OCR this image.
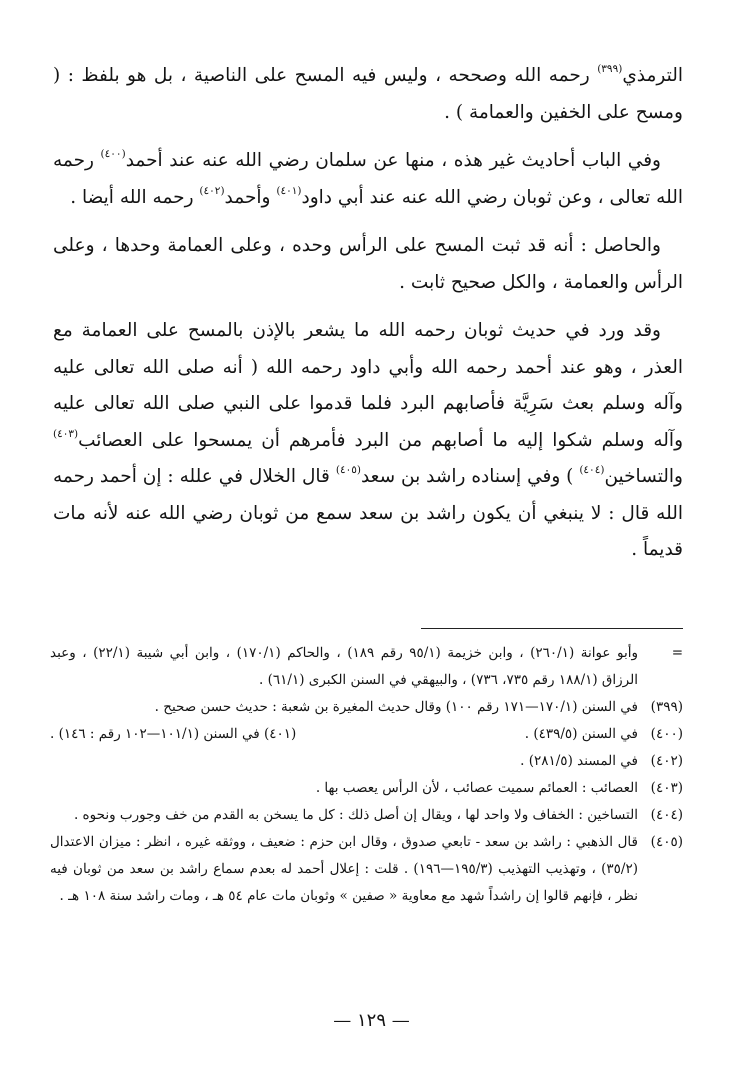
الترمذي$^{(٣٩٩)}$ رحمه الله وصححه ، وليس فيه المسح على الناصية ، بل هو بلفظ : ( ومسح على الخفين والعمامة ) .

وفي الباب أحاديث غير هذه ، منها عن سلمان رضي الله عنه عند أحمد$^{(٤٠٠)}$ رحمه الله تعالى ، وعن ثوبان رضي الله عنه عند أبي داود$^{(٤٠١)}$ وأحمد$^{(٤٠٢)}$ رحمه الله أيضا .

والحاصل : أنه قد ثبت المسح على الرأس وحده ، وعلى العمامة وحدها ، وعلى الرأس والعمامة ، والكل صحيح ثابت .

وقد ورد في حديث ثوبان رحمه الله ما يشعر بالإذن بالمسح على العمامة مع العذر ، وهو عند أحمد رحمه الله وأبي داود رحمه الله ( أنه صلى الله تعالى عليه وآله وسلم بعث سَرِيَّة فأصابهم البرد فلما قدموا على النبي صلى الله تعالى عليه وآله وسلم شكوا إليه ما أصابهم من البرد فأمرهم أن يمسحوا على العصائب$^{(٤٠٣)}$ والتساخين$^{(٤٠٤)}$ ) وفي إسناده راشد بن سعد$^{(٤٠٥)}$ قال الخلال في علله : إن أحمد رحمه الله قال : لا ينبغي أن يكون راشد بن سعد سمع من ثوبان رضي الله عنه لأنه مات قديماً .

=
وأبو عوانة (٢٦٠/١) ، وابن خزيمة (٩٥/١ رقم ١٨٩) ، والحاكم (١٧٠/١) ، وابن أبي شيبة (٢٢/١) ، وعبد الرزاق (١٨٨/١ رقم ٧٣٥، ٧٣٦) ، والبيهقي في السنن الكبرى (٦١/١) .
(٣٩٩)
في السنن (١٧٠/١—١٧١ رقم ١٠٠) وقال حديث المغيرة بن شعبة : حديث حسن صحيح .
(٤٠٠)
في السنن (٤٣٩/٥) .
(٤٠١) في السنن (١٠١/١—١٠٢ رقم : ١٤٦) .
(٤٠٢)
في المسند (٢٨١/٥) .
(٤٠٣)
العصائب : العمائم سميت عصائب ، لأن الرأس يعصب بها .
(٤٠٤)
التساخين : الخفاف ولا واحد لها ، ويقال إن أصل ذلك : كل ما يسخن به القدم من خف وجورب ونحوه .
(٤٠٥)
قال الذهبي : راشد بن سعد - تابعي صدوق ، وقال ابن حزم : ضعيف ، ووثقه غيره ، انظر : ميزان الاعتدال (٣٥/٢) ، وتهذيب التهذيب (١٩٥/٣—١٩٦) . قلت : إعلال أحمد له بعدم سماع راشد بن سعد من ثوبان فيه نظر ، فإنهم قالوا إن راشداً شهد مع معاوية « صفين » وثوبان مات عام ٥٤ هـ ، ومات راشد سنة ١٠٨ هـ .
— ١٢٩ —
